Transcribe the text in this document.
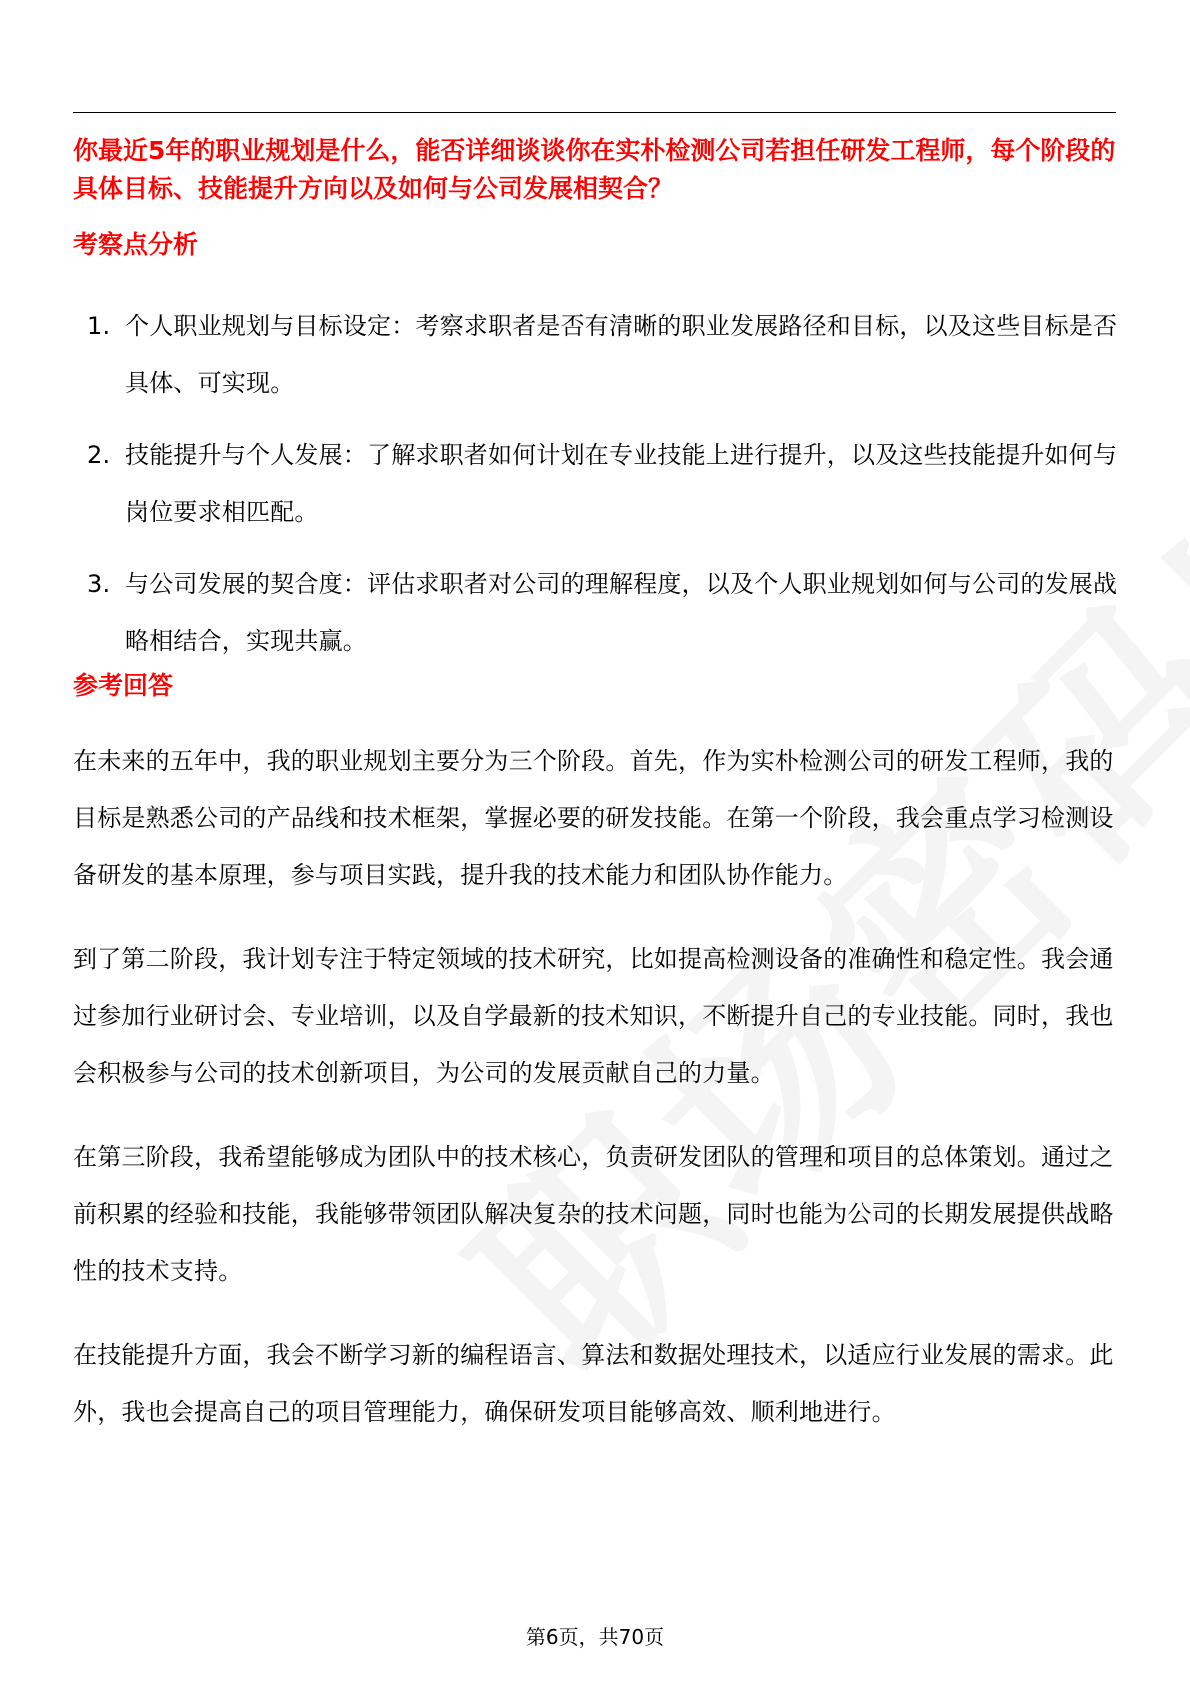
你最近5年的职业规划是什么，能否详细谈谈你在实朴检测公司若担任研发工程师，每个阶段的具体目标、技能提升方向以及如何与公司发展相契合？
考察点分析
1. 个人职业规划与目标设定：考察求职者是否有清晰的职业发展路径和目标，以及这些目标是否具体、可实现。
2. 技能提升与个人发展：了解求职者如何计划在专业技能上进行提升，以及这些技能提升如何与岗位要求相匹配。
3. 与公司发展的契合度：评估求职者对公司的理解程度，以及个人职业规划如何与公司的发展战略相结合，实现共赢。
参考回答

在未来的五年中，我的职业规划主要分为三个阶段。首先，作为实朴检测公司的研发工程师，我的目标是熟悉公司的产品线和技术框架，掌握必要的研发技能。在第一个阶段，我会重点学习检测设备研发的基本原理，参与项目实践，提升我的技术能力和团队协作能力。

到了第二阶段，我计划专注于特定领域的技术研究，比如提高检测设备的准确性和稳定性。我会通过参加行业研讨会、专业培训，以及自学最新的技术知识，不断提升自己的专业技能。同时，我也会积极参与公司的技术创新项目，为公司的发展贡献自己的力量。

在第三阶段，我希望能够成为团队中的技术核心，负责研发团队的管理和项目的总体策划。通过之前积累的经验和技能，我能够带领团队解决复杂的技术问题，同时也能为公司的长期发展提供战略性的技术支持。

在技能提升方面，我会不断学习新的编程语言、算法和数据处理技术，以适应行业发展的需求。此外，我也会提高自己的项目管理能力，确保研发项目能够高效、顺利地进行。

第6页，共70页
